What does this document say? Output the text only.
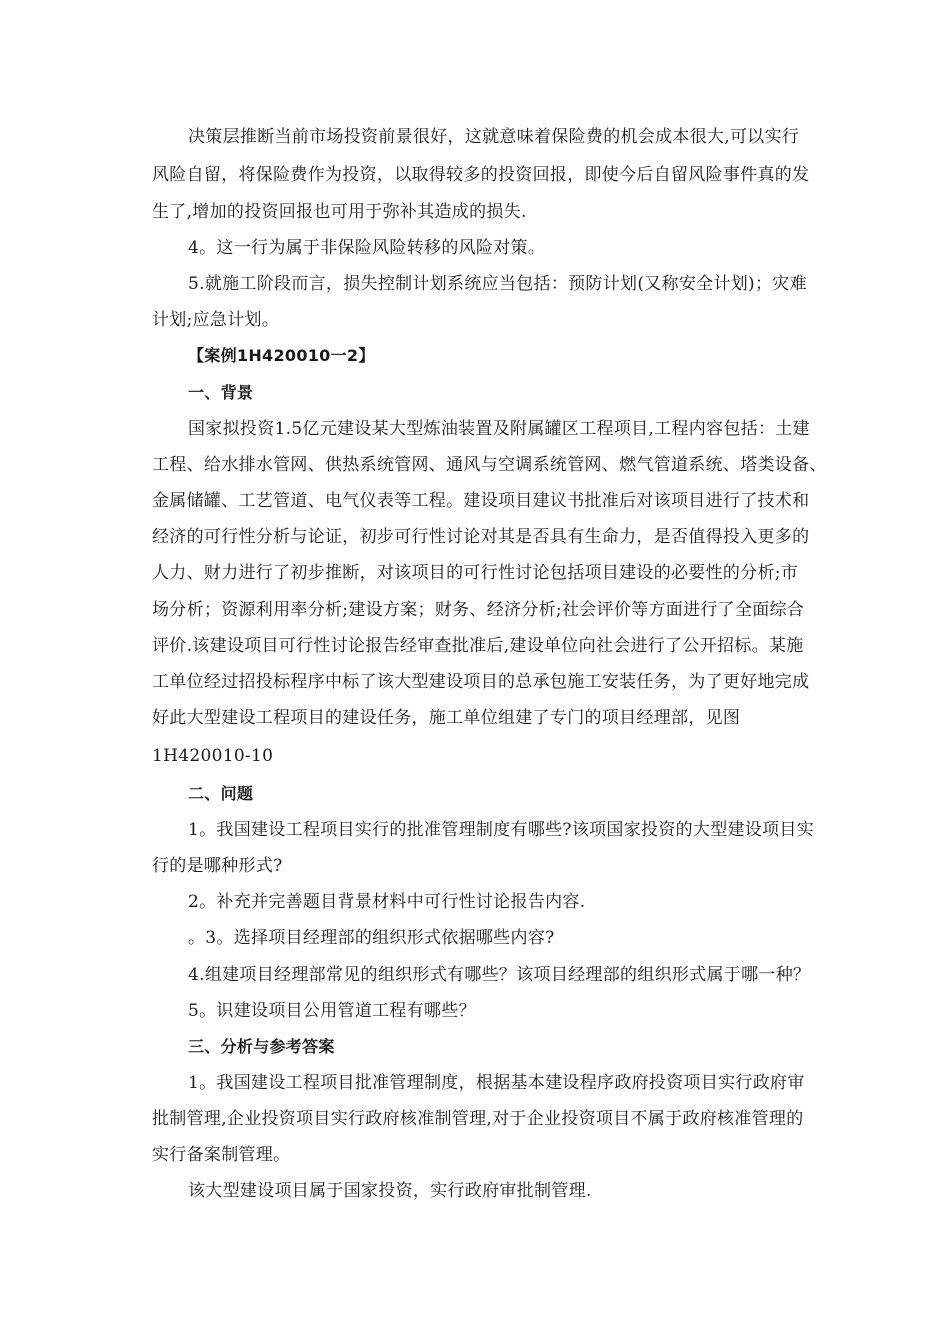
决策层推断当前市场投资前景很好，这就意味着保险费的机会成本很大,可以实行
风险自留，将保险费作为投资，以取得较多的投资回报，即使今后自留风险事件真的发
生了,增加的投资回报也可用于弥补其造成的损失.
4。这一行为属于非保险风险转移的风险对策。
5.就施工阶段而言，损失控制计划系统应当包括：预防计划(又称安全计划)；灾难
计划;应急计划。
【案例1H420010一2】
一、背景
国家拟投资1.5亿元建设某大型炼油装置及附属罐区工程项目,工程内容包括：土建
工程、给水排水管网、供热系统管网、通风与空调系统管网、燃气管道系统、塔类设备、
金属储罐、工艺管道、电气仪表等工程。建设项目建议书批准后对该项目进行了技术和
经济的可行性分析与论证，初步可行性讨论对其是否具有生命力，是否值得投入更多的
人力、财力进行了初步推断，对该项目的可行性讨论包括项目建设的必要性的分析;市
场分析；资源利用率分析;建设方案；财务、经济分析;社会评价等方面进行了全面综合
评价.该建设项目可行性讨论报告经审查批准后,建设单位向社会进行了公开招标。某施
工单位经过招投标程序中标了该大型建设项目的总承包施工安装任务，为了更好地完成
好此大型建设工程项目的建设任务，施工单位组建了专门的项目经理部，见图
1H420010-10
二、问题
1。我国建设工程项目实行的批准管理制度有哪些?该项国家投资的大型建设项目实
行的是哪种形式?
2。补充并完善题目背景材料中可行性讨论报告内容.
。3。选择项目经理部的组织形式依据哪些内容?
4.组建项目经理部常见的组织形式有哪些？该项目经理部的组织形式属于哪一种？
5。识建设项目公用管道工程有哪些？
三、分析与参考答案
1。我国建设工程项目批准管理制度，根据基本建设程序政府投资项目实行政府审
批制管理,企业投资项目实行政府核准制管理,对于企业投资项目不属于政府核准管理的
实行备案制管理。
该大型建设项目属于国家投资，实行政府审批制管理.
